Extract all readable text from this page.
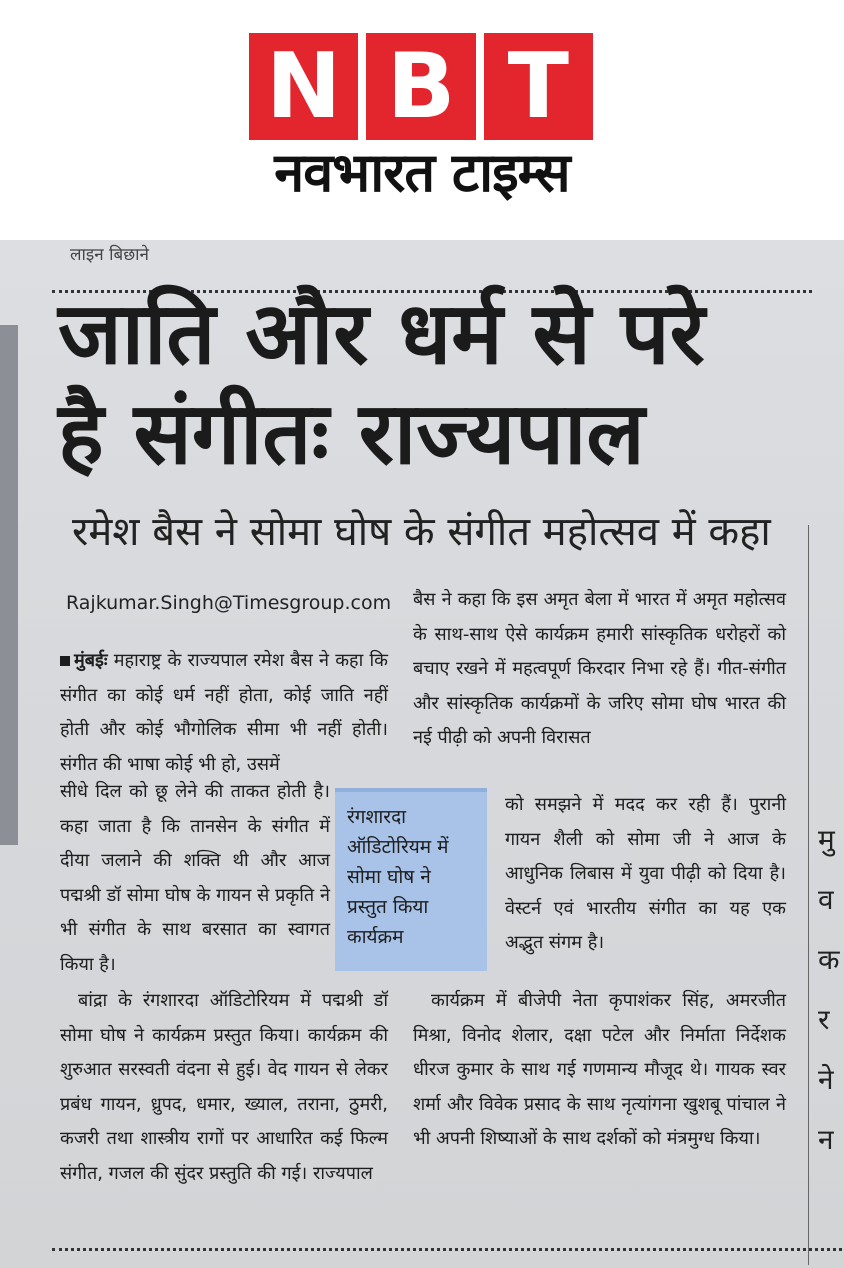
N B T
नवभारत टाइम्स
लाइन बिछाने
जाति और धर्म से परे
है संगीतः राज्यपाल
रमेश बैस ने सोमा घोष के संगीत महोत्सव में कहा
Rajkumar.Singh@Timesgroup.com
मुंबईः महाराष्ट्र के राज्यपाल रमेश बैस ने कहा कि संगीत का कोई धर्म नहीं होता, कोई जाति नहीं होती और कोई भौगोलिक सीमा भी नहीं होती। संगीत की भाषा कोई भी हो, उसमें
सीधे दिल को छू लेने की ताकत होती है। कहा जाता है कि तानसेन के संगीत में दीया जलाने की शक्ति थी और आज पद्मश्री डॉ सोमा घोष के गायन से प्रकृति ने भी संगीत के साथ बरसात का स्वागत किया है।
बांद्रा के रंगशारदा ऑडिटोरियम में पद्मश्री डॉ सोमा घोष ने कार्यक्रम प्रस्तुत किया। कार्यक्रम की शुरुआत सरस्वती वंदना से हुई। वेद गायन से लेकर प्रबंध गायन, ध्रुपद, धमार, ख्याल, तराना, ठुमरी, कजरी तथा शास्त्रीय रागों पर आधारित कई फिल्म संगीत, गजल की सुंदर प्रस्तुति की गई। राज्यपाल
बैस ने कहा कि इस अमृत बेला में भारत में अमृत महोत्सव के साथ-साथ ऐसे कार्यक्रम हमारी सांस्कृतिक धरोहरों को बचाए रखने में महत्वपूर्ण किरदार निभा रहे हैं। गीत-संगीत और सांस्कृतिक कार्यक्रमों के जरिए सोमा घोष भारत की नई पीढ़ी को अपनी विरासत
को समझने में मदद कर रही हैं। पुरानी गायन शैली को सोमा जी ने आज के आधुनिक लिबास में युवा पीढ़ी को दिया है। वेस्टर्न एवं भारतीय संगीत का यह एक अद्भुत संगम है।
कार्यक्रम में बीजेपी नेता कृपाशंकर सिंह, अमरजीत मिश्रा, विनोद शेलार, दक्षा पटेल और निर्माता निर्देशक धीरज कुमार के साथ गई गणमान्य मौजूद थे। गायक स्वर शर्मा और विवेक प्रसाद के साथ नृत्यांगना खुशबू पांचाल ने भी अपनी शिष्याओं के साथ दर्शकों को मंत्रमुग्ध किया।
रंगशारदा ऑडिटोरियम में सोमा घोष ने प्रस्तुत किया कार्यक्रम
मु व क र ने न
